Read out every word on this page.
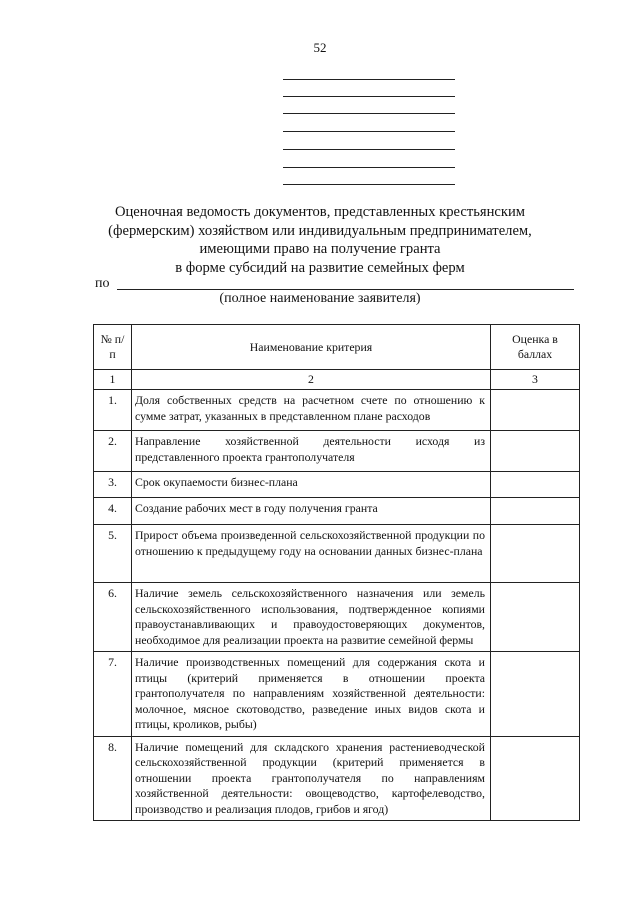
52
Оценочная ведомость документов, представленных крестьянским
(фермерским) хозяйством или индивидуальным предпринимателем,
имеющими право на получение гранта
в форме субсидий на развитие семейных ферм
по
(полное наименование заявителя)
№ п/п	Наименование критерия	Оценка в баллах
1	2	3
1.	Доля собственных средств на расчетном счете по отношению к сумме затрат, указанных в представленном плане расходов	
2.	Направление хозяйственной деятельности исходя из представленного проекта грантополучателя	
3.	Срок окупаемости бизнес-плана	
4.	Создание рабочих мест в году получения гранта	
5.	Прирост объема произведенной сельскохозяйственной продукции по отношению к предыдущему году на основании данных бизнес-плана	
6.	Наличие земель сельскохозяйственного назначения или земель сельскохозяйственного использования, подтвержденное копиями правоустанавливающих и правоудостоверяющих документов, необходимое для реализации проекта на развитие семейной фермы	
7.	Наличие производственных помещений для содержания скота и птицы (критерий применяется в отношении проекта грантополучателя по направлениям хозяйственной деятельности: молочное, мясное скотоводство, разведение иных видов скота и птицы, кроликов, рыбы)	
8.	Наличие помещений для складского хранения растениеводческой сельскохозяйственной продукции (критерий применяется в отношении проекта грантополучателя по направлениям хозяйственной деятельности: овощеводство, картофелеводство, производство и реализация плодов, грибов и ягод)	
